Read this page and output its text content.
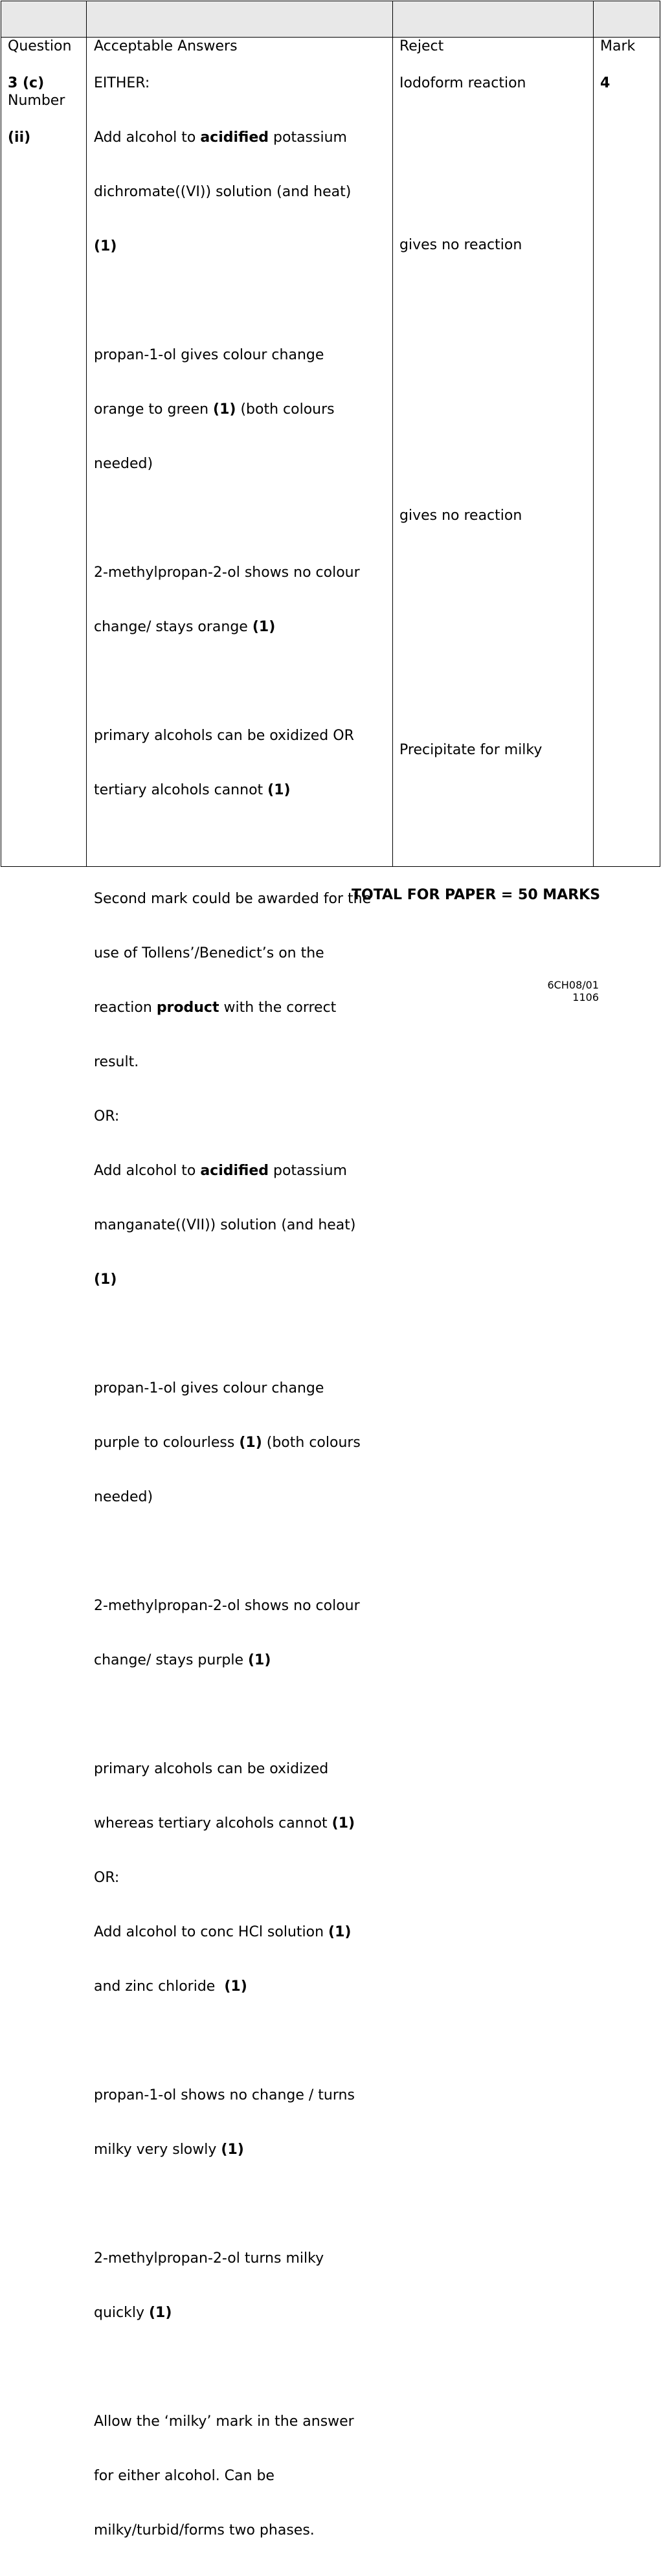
Question

Number

Acceptable Answers

	Reject

	Mark

3 (c)

(ii)

EITHER:

Add alcohol to acidified potassium

dichromate((VI)) solution (and heat)

(1)

propan-1-ol gives colour change

orange to green (1) (both colours

needed)

2-methylpropan-2-ol shows no colour

change/ stays orange (1)

primary alcohols can be oxidized OR

tertiary alcohols cannot (1)

Second mark could be awarded for the

use of Tollens’/Benedict’s on the

reaction product with the correct

result.

OR:

Add alcohol to acidified potassium

manganate((VII)) solution (and heat)

(1)

propan-1-ol gives colour change

purple to colourless (1) (both colours

needed)

2-methylpropan-2-ol shows no colour

change/ stays purple (1)

primary alcohols can be oxidized

whereas tertiary alcohols cannot (1)

OR:

Add alcohol to conc HCl solution (1)

and zinc chloride  (1)

propan-1-ol shows no change / turns

milky very slowly (1)

2-methylpropan-2-ol turns milky

quickly (1)

Allow the ‘milky’ mark in the answer

for either alcohol. Can be

milky/turbid/forms two phases.

Iodoform reaction

gives no reaction

gives no reaction

Precipitate for milky

4

TOTAL FOR PAPER = 50 MARKS
6CH08/01
1106
